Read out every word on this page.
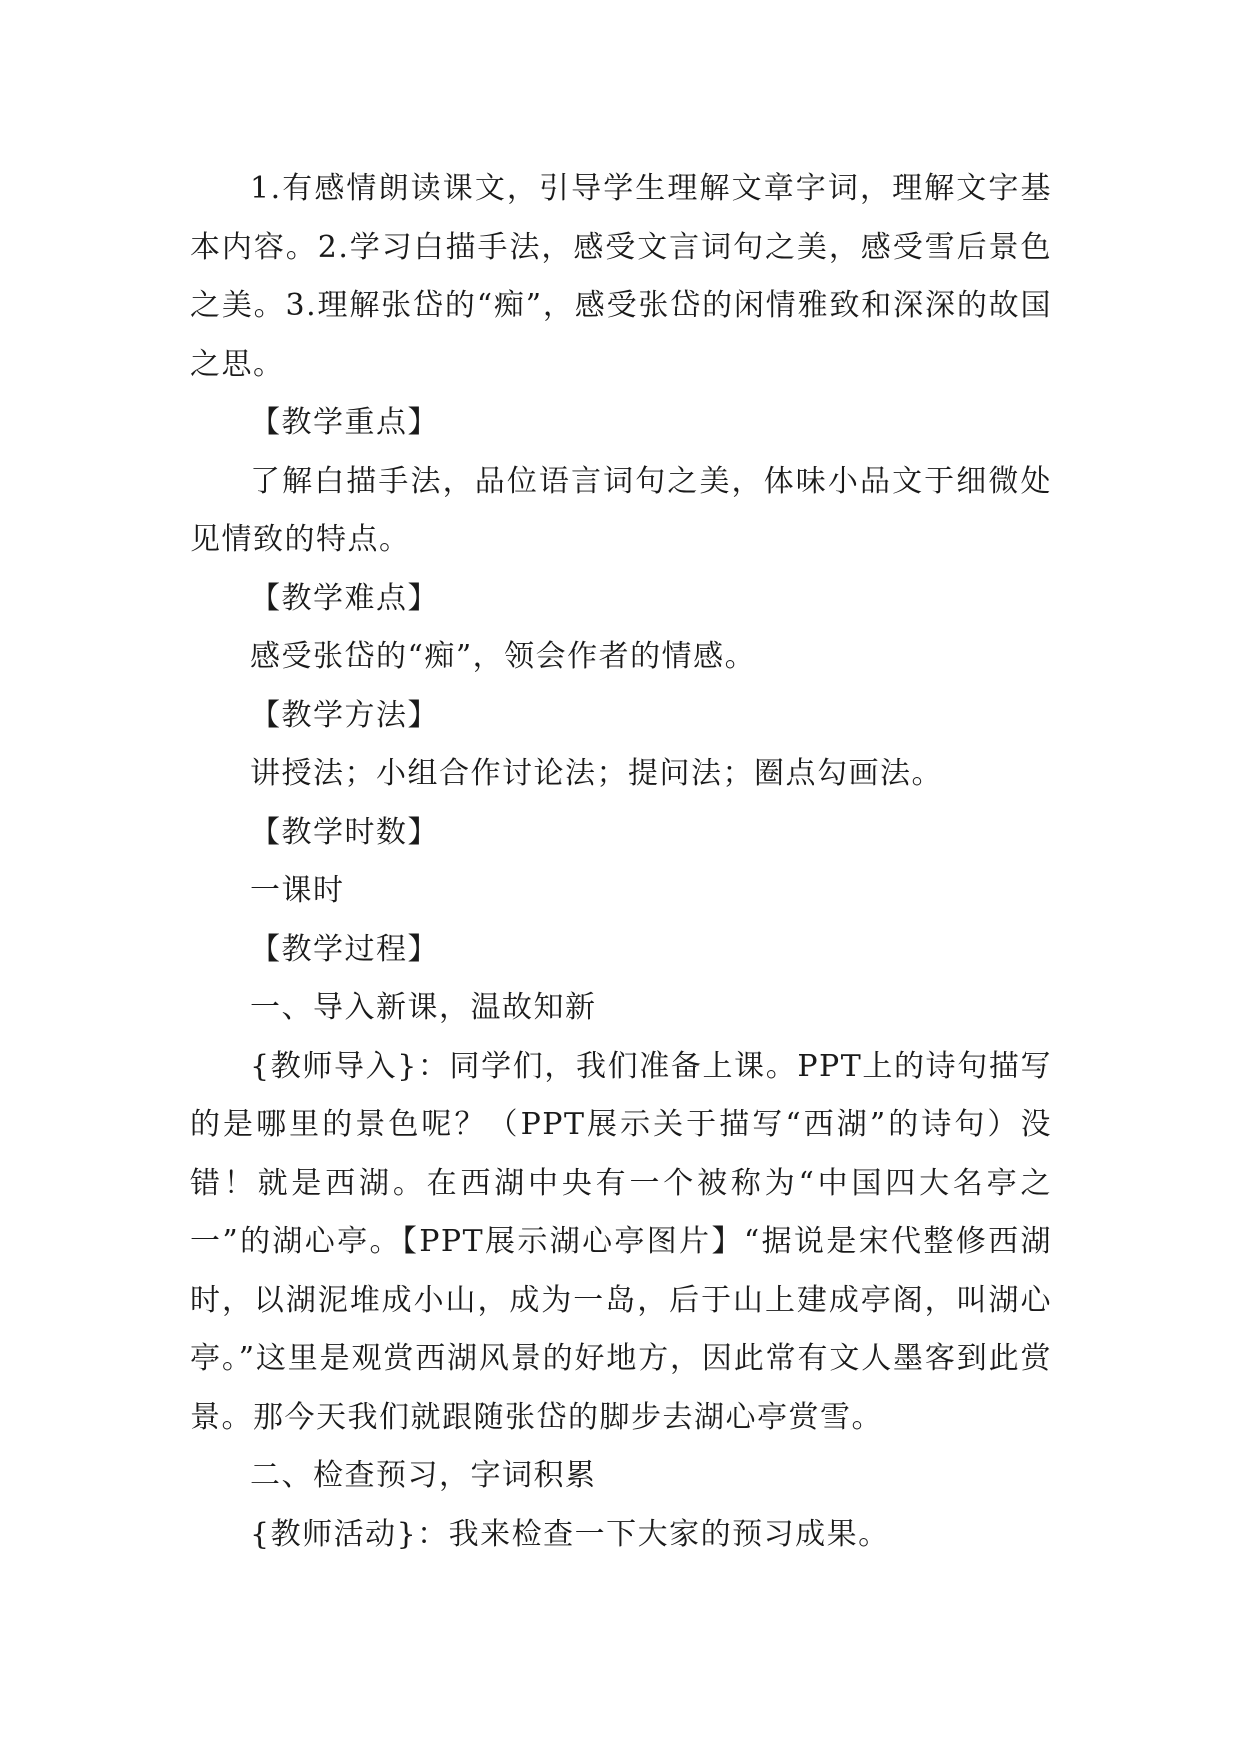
1.有感情朗读课文，引导学生理解文章字词，理解文字基本内容。2.学习白描手法，感受文言词句之美，感受雪后景色之美。3.理解张岱的“痴”，感受张岱的闲情雅致和深深的故国之思。

【教学重点】

了解白描手法，品位语言词句之美，体味小品文于细微处见情致的特点。

【教学难点】

感受张岱的“痴”，领会作者的情感。

【教学方法】

讲授法；小组合作讨论法；提问法；圈点勾画法。

【教学时数】

一课时

【教学过程】

一、导入新课，温故知新

{教师导入}：同学们，我们准备上课。PPT上的诗句描写的是哪里的景色呢？（PPT展示关于描写“西湖”的诗句）没错！就是西湖。在西湖中央有一个被称为“中国四大名亭之一”的湖心亭。【PPT展示湖心亭图片】“据说是宋代整修西湖时，以湖泥堆成小山，成为一岛，后于山上建成亭阁，叫湖心亭。”这里是观赏西湖风景的好地方，因此常有文人墨客到此赏景。那今天我们就跟随张岱的脚步去湖心亭赏雪。

二、检查预习，字词积累

{教师活动}：我来检查一下大家的预习成果。
